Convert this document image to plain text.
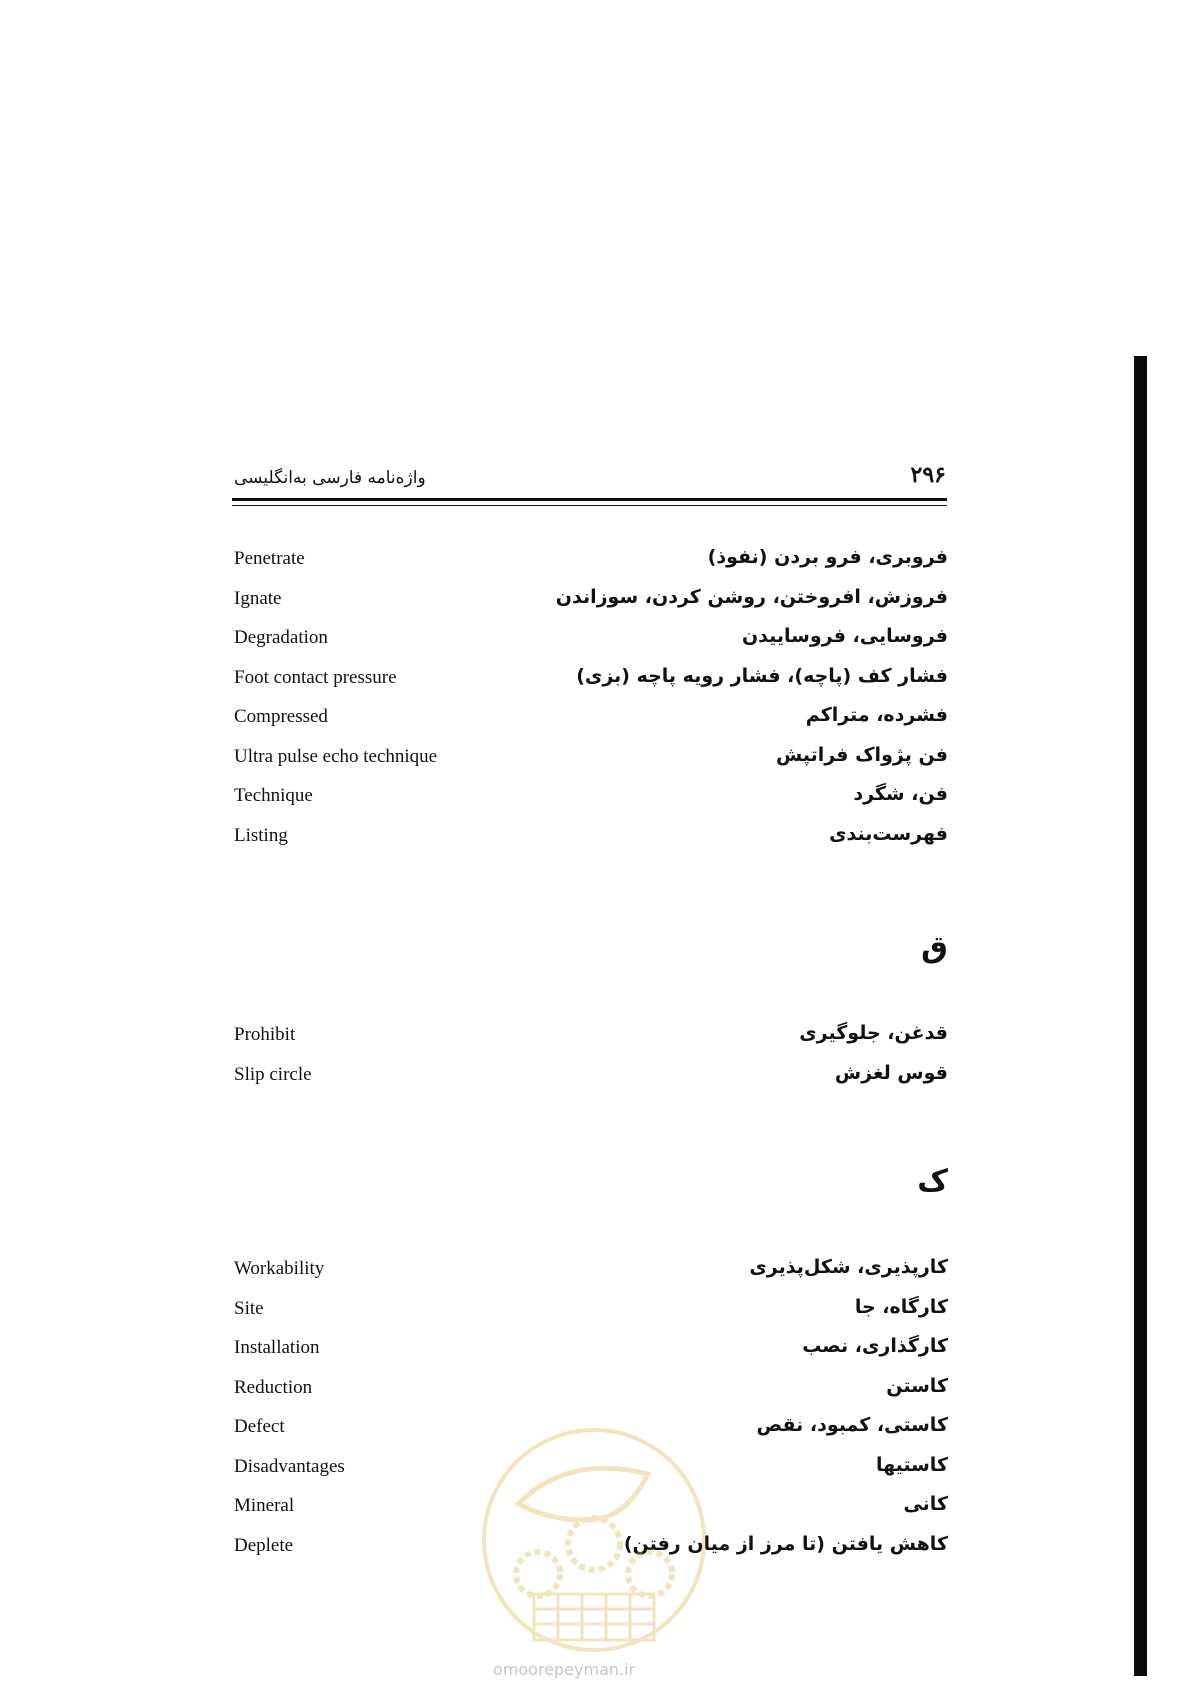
۲۹۶
واژه‌نامه فارسی به‌انگلیسی
Penetrate	فروبری، فرو بردن (نفوذ)
Ignate	فروزش، افروختن، روشن کردن، سوزاندن
Degradation	فروسایی، فروساییدن
Foot contact pressure	فشار کف (پاچه)، فشار رویه پاچه (بزی)
Compressed	فشرده، متراکم
Ultra pulse echo technique	فن پژواک فراتپش
Technique	فن، شگرد
Listing	فهرست‌بندی
ق
Prohibit	قدغن، جلوگیری
Slip circle	قوس لغزش
ک
Workability	کارپذیری، شکل‌پذیری
Site	کارگاه، جا
Installation	کارگذاری، نصب
Reduction	کاستن
Defect	کاستی، کمبود، نقص
Disadvantages	کاستیها
Mineral	کانی
Deplete	کاهش یافتن (تا مرز از میان رفتن)
omoorepeyman.ir
